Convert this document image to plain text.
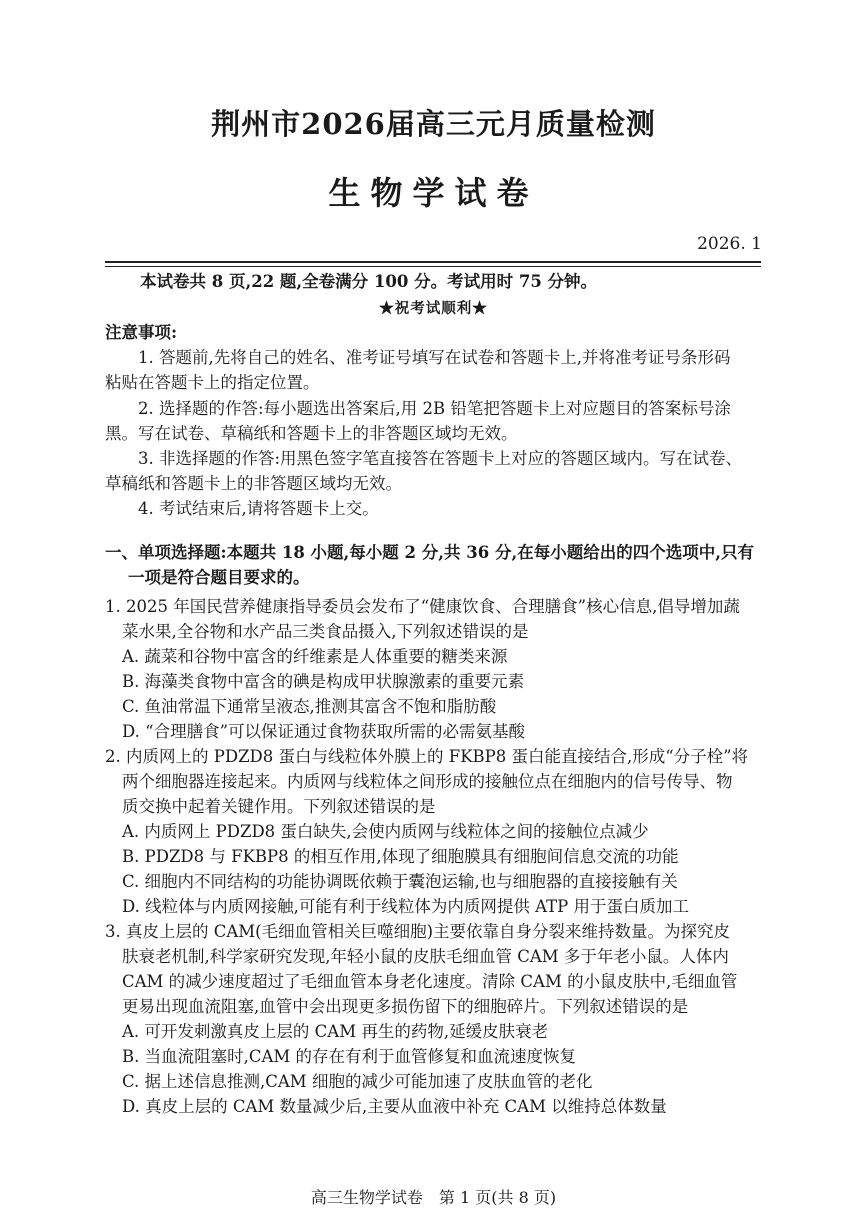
荆州市2026届高三元月质量检测
生物学试卷
2026. 1
本试卷共 8 页,22 题,全卷满分 100 分。考试用时 75 分钟。
★祝考试顺利★
注意事项:
1. 答题前,先将自己的姓名、准考证号填写在试卷和答题卡上,并将准考证号条形码
粘贴在答题卡上的指定位置。
2. 选择题的作答:每小题选出答案后,用 2B 铅笔把答题卡上对应题目的答案标号涂
黑。写在试卷、草稿纸和答题卡上的非答题区域均无效。
3. 非选择题的作答:用黑色签字笔直接答在答题卡上对应的答题区域内。写在试卷、
草稿纸和答题卡上的非答题区域均无效。
4. 考试结束后,请将答题卡上交。
一、单项选择题:本题共 18 小题,每小题 2 分,共 36 分,在每小题给出的四个选项中,只有
一项是符合题目要求的。
1. 2025 年国民营养健康指导委员会发布了“健康饮食、合理膳食”核心信息,倡导增加蔬
菜水果,全谷物和水产品三类食品摄入,下列叙述错误的是
A. 蔬菜和谷物中富含的纤维素是人体重要的糖类来源
B. 海藻类食物中富含的碘是构成甲状腺激素的重要元素
C. 鱼油常温下通常呈液态,推测其富含不饱和脂肪酸
D. “合理膳食”可以保证通过食物获取所需的必需氨基酸
2. 内质网上的 PDZD8 蛋白与线粒体外膜上的 FKBP8 蛋白能直接结合,形成“分子栓”将
两个细胞器连接起来。内质网与线粒体之间形成的接触位点在细胞内的信号传导、物
质交换中起着关键作用。下列叙述错误的是
A. 内质网上 PDZD8 蛋白缺失,会使内质网与线粒体之间的接触位点减少
B. PDZD8 与 FKBP8 的相互作用,体现了细胞膜具有细胞间信息交流的功能
C. 细胞内不同结构的功能协调既依赖于囊泡运输,也与细胞器的直接接触有关
D. 线粒体与内质网接触,可能有利于线粒体为内质网提供 ATP 用于蛋白质加工
3. 真皮上层的 CAM(毛细血管相关巨噬细胞)主要依靠自身分裂来维持数量。为探究皮
肤衰老机制,科学家研究发现,年轻小鼠的皮肤毛细血管 CAM 多于年老小鼠。人体内
CAM 的减少速度超过了毛细血管本身老化速度。清除 CAM 的小鼠皮肤中,毛细血管
更易出现血流阻塞,血管中会出现更多损伤留下的细胞碎片。下列叙述错误的是
A. 可开发刺激真皮上层的 CAM 再生的药物,延缓皮肤衰老
B. 当血流阻塞时,CAM 的存在有利于血管修复和血流速度恢复
C. 据上述信息推测,CAM 细胞的减少可能加速了皮肤血管的老化
D. 真皮上层的 CAM 数量减少后,主要从血液中补充 CAM 以维持总体数量
高三生物学试卷　第 1 页(共 8 页)
